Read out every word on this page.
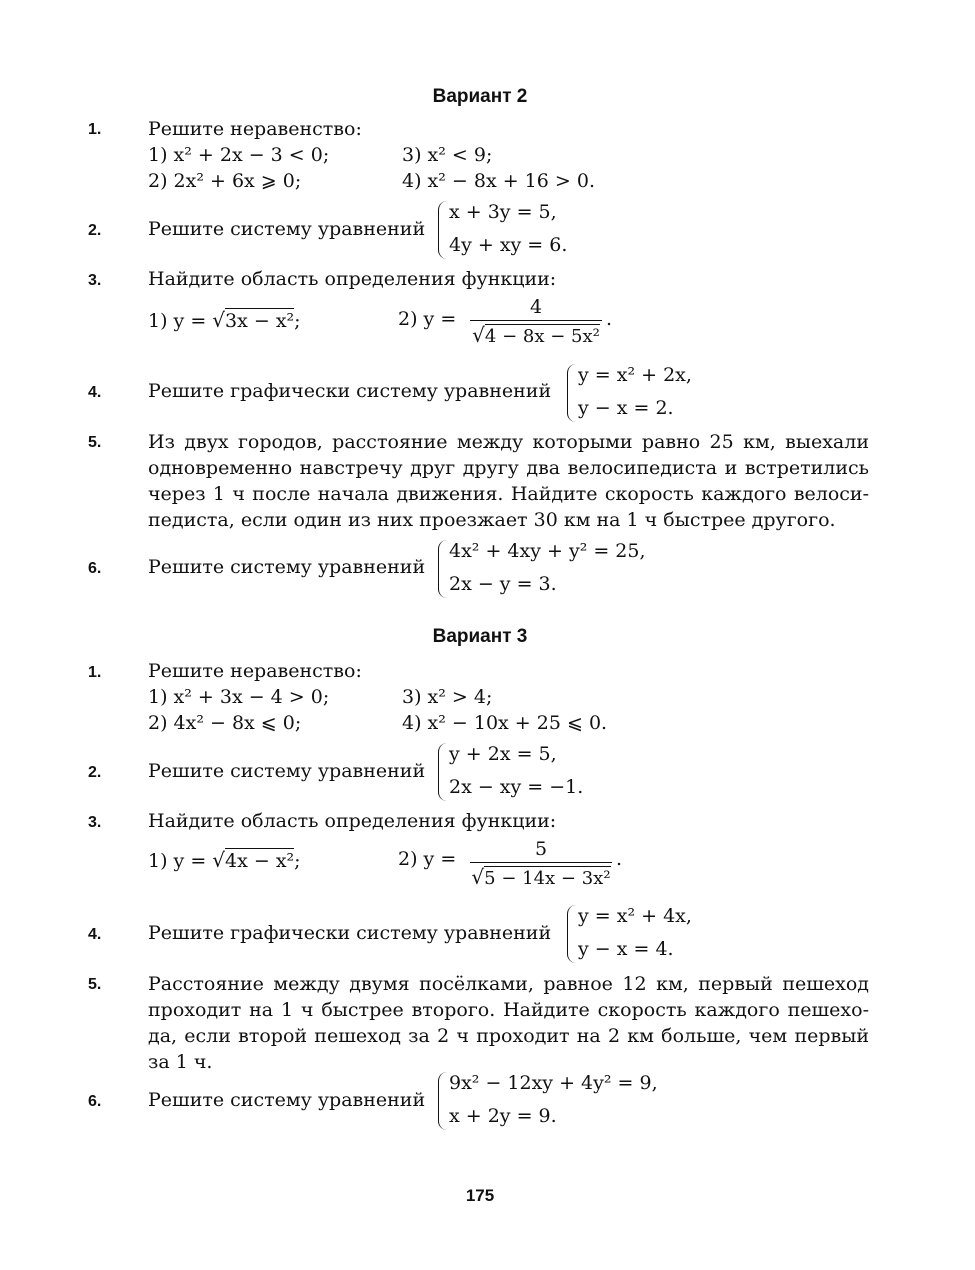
Вариант 2
1.	Решите неравенство:
1) x² + 2x − 3 < 0;	3) x² < 9;
2) 2x² + 6x ⩾ 0;	4) x² − 8x + 16 > 0.
2.	Решите систему уравнений
x + 3y = 5,
4y + xy = 6.
3.	Найдите область определения функции:
1) y = √3x − x²;	2) y =
4
√4 − 8x − 5x²
.
4.	Решите графически систему уравнений
y = x² + 2x,
y − x = 2.
5.	Из двух городов, расстояние между которыми равно 25 км, выехали одновременно навстречу друг другу два велосипедиста и встретились через 1 ч после начала движения. Найдите скорость каждого велосипедиста, если один из них проезжает 30 км на 1 ч быстрее другого.

6.	Решите систему уравнений
4x² + 4xy + y² = 25,
2x − y = 3.
Вариант 3
1.	Решите неравенство:
1) x² + 3x − 4 > 0;	3) x² > 4;
2) 4x² − 8x ⩽ 0;	4) x² − 10x + 25 ⩽ 0.
2.	Решите систему уравнений
y + 2x = 5,
2x − xy = −1.
3.	Найдите область определения функции:
1) y = √4x − x²;	2) y =	5
√5 − 14x − 3x²
.
4.	Решите графически систему уравнений
y = x² + 4x,
y − x = 4.
5.	Расстояние между двумя посёлками, равное 12 км, первый пешеход проходит на 1 ч быстрее второго. Найдите скорость каждого пешехода, если второй пешеход за 2 ч проходит на 2 км больше, чем первый за 1 ч.

6.	Решите систему уравнений
9x² − 12xy + 4y² = 9,
x + 2y = 9.
175
